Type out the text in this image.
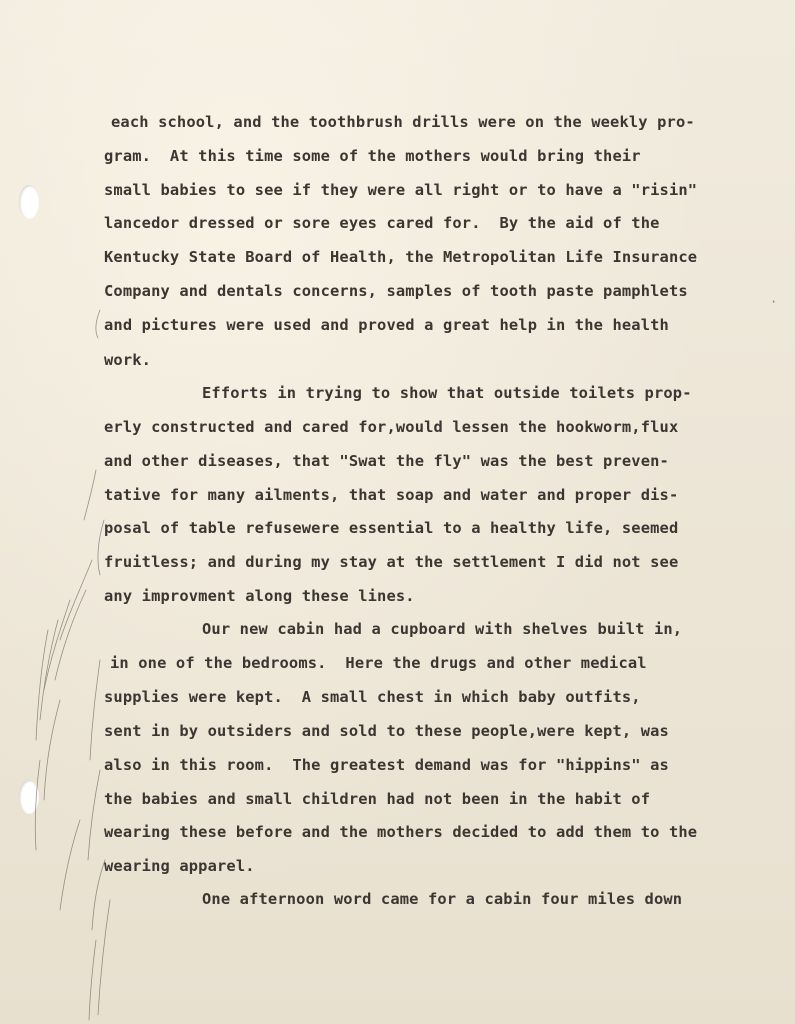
each school, and the toothbrush drills were on the weekly pro-
gram.  At this time some of the mothers would bring their
small babies to see if they were all right or to have a "risin"
lancedor dressed or sore eyes cared for.  By the aid of the
Kentucky State Board of Health, the Metropolitan Life Insurance
Company and dentals concerns, samples of tooth paste pamphlets
and pictures were used and proved a great help in the health
work.
Efforts in trying to show that outside toilets prop-
erly constructed and cared for,would lessen the hookworm,flux
and other diseases, that "Swat the fly" was the best preven-
tative for many ailments, that soap and water and proper dis-
posal of table refusewere essential to a healthy life, seemed
fruitless; and during my stay at the settlement I did not see
any improvment along these lines.
Our new cabin had a cupboard with shelves built in,
in one of the bedrooms.  Here the drugs and other medical
supplies were kept.  A small chest in which baby outfits,
sent in by outsiders and sold to these people,were kept, was
also in this room.  The greatest demand was for "hippins" as
the babies and small children had not been in the habit of
wearing these before and the mothers decided to add them to the
wearing apparel.
One afternoon word came for a cabin four miles down
·
